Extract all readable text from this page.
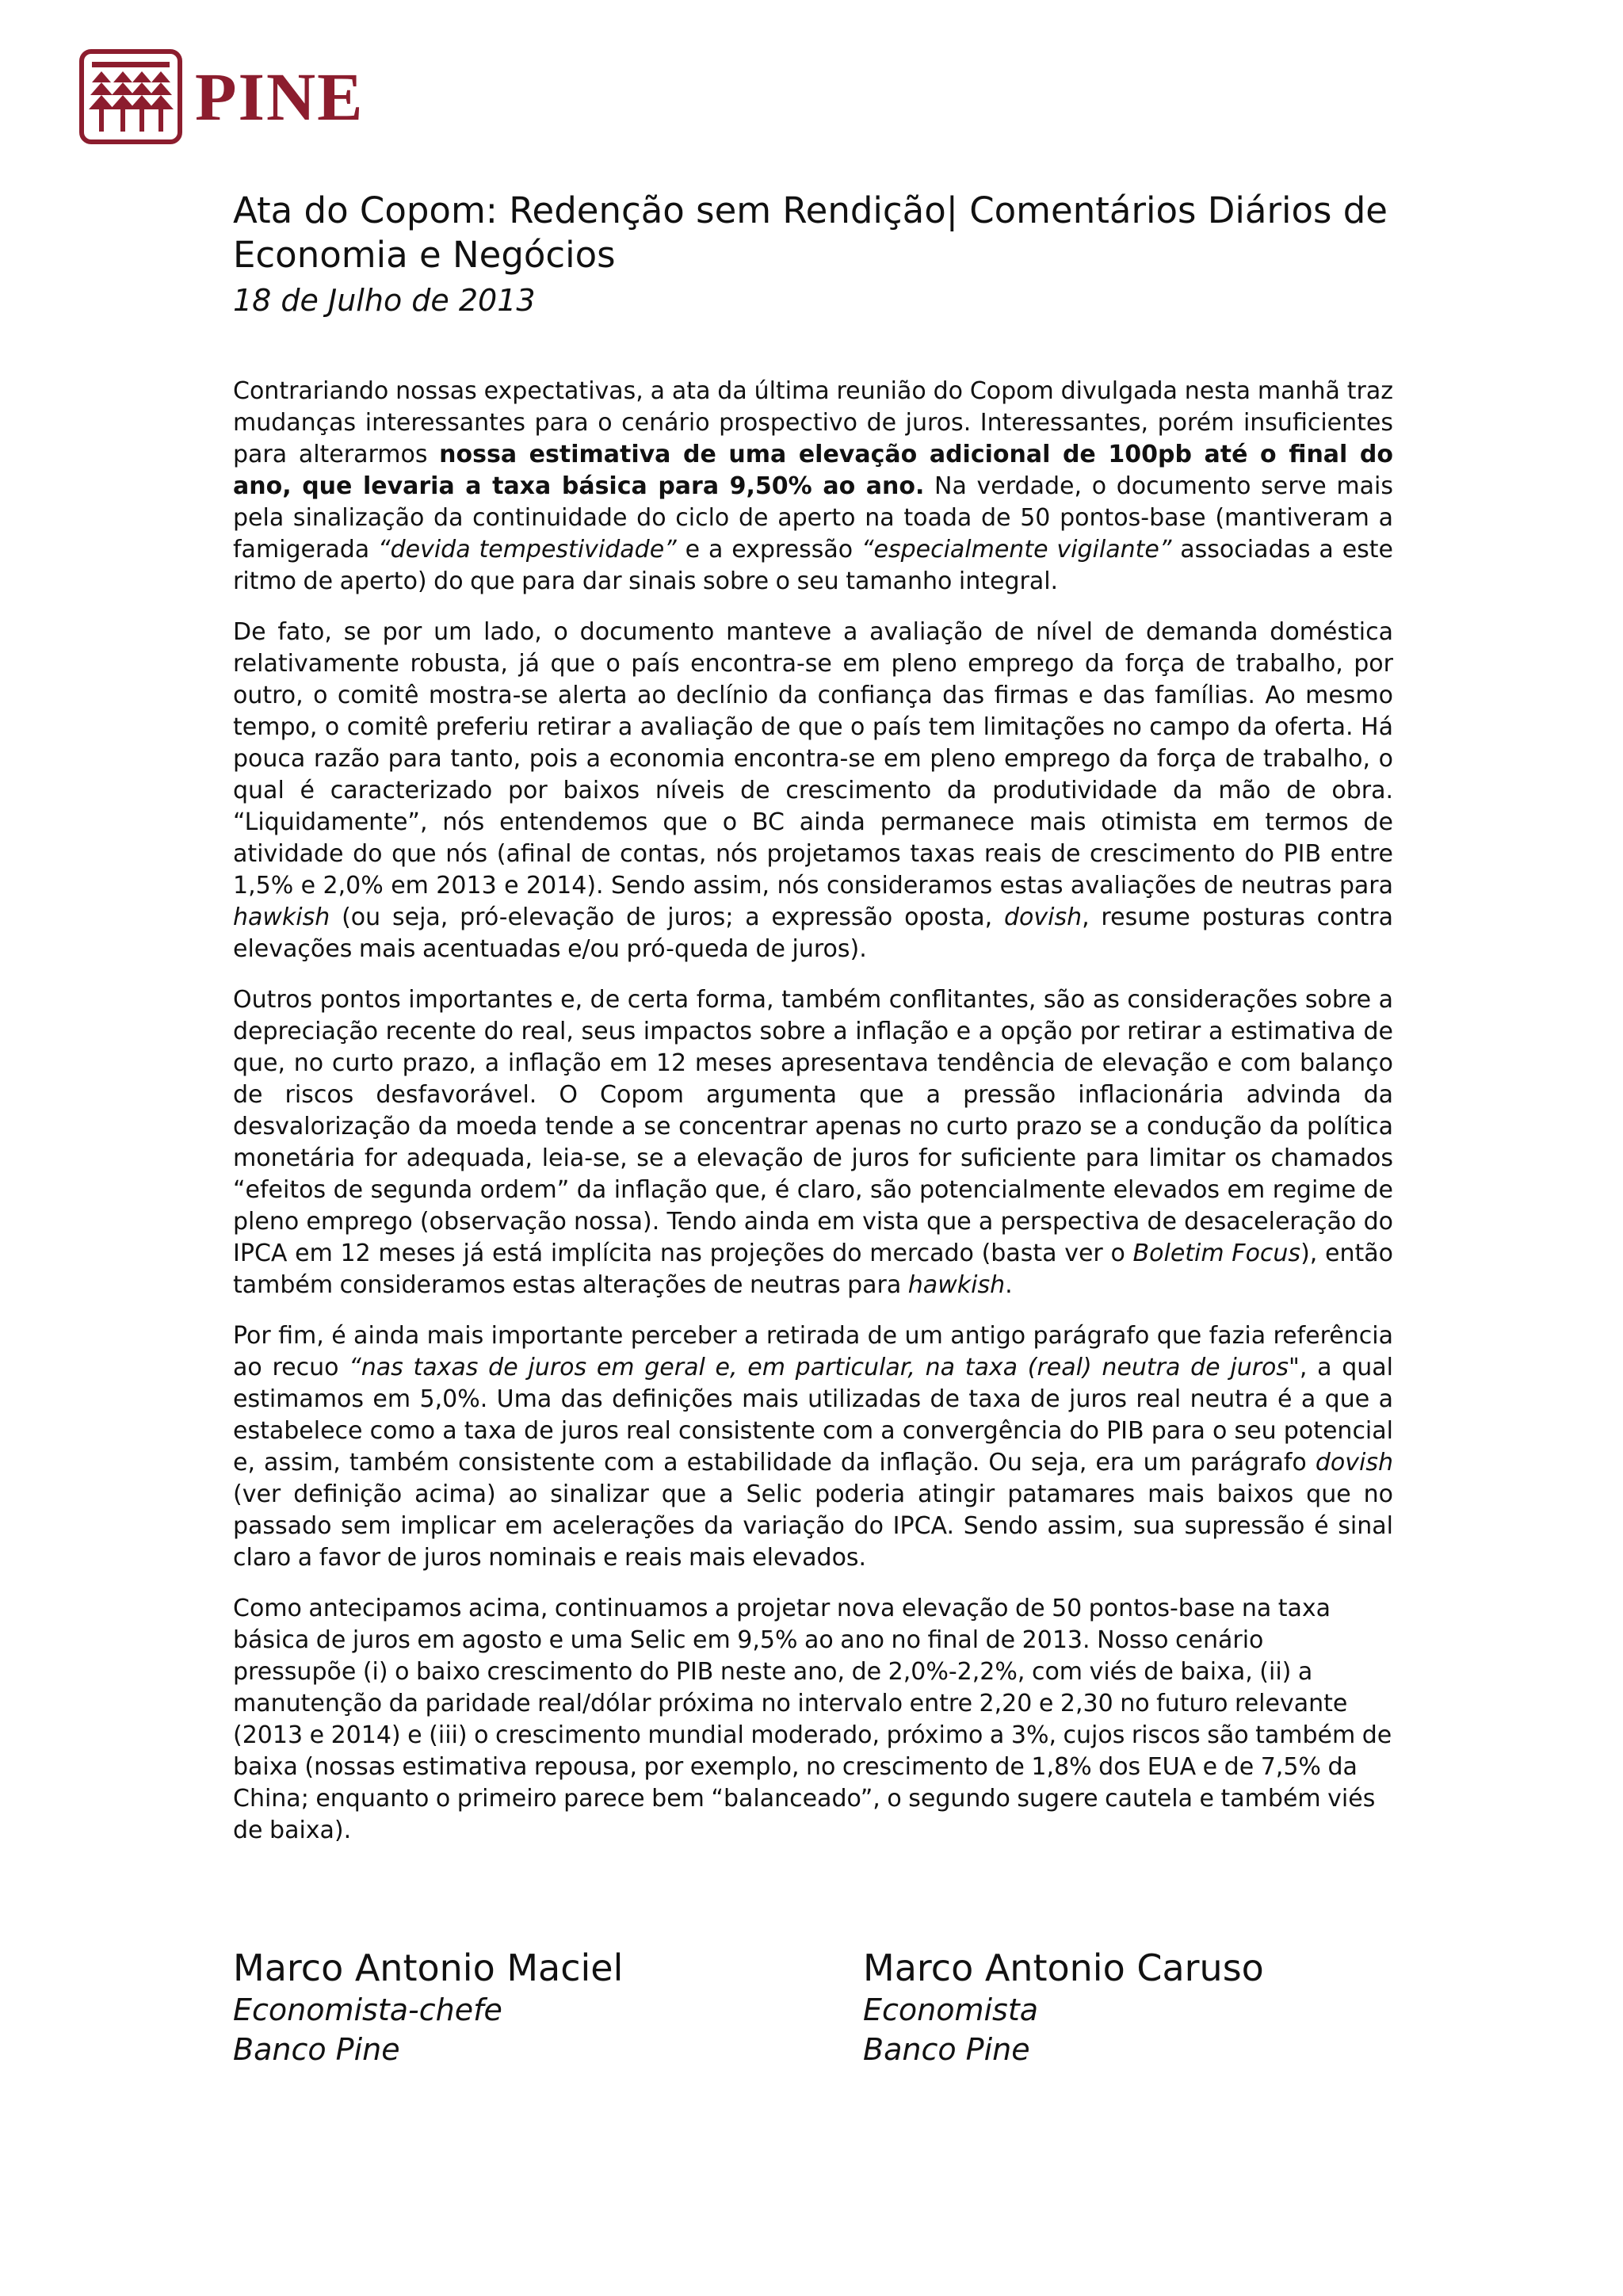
PINE
Ata do Copom: Redenção sem Rendição| Comentários Diários de Economia e Negócios
18 de Julho de 2013

Contrariando nossas expectativas, a ata da última reunião do Copom divulgada nesta manhã traz mudanças interessantes para o cenário prospectivo de juros. Interessantes, porém insuficientes para alterarmos nossa estimativa de uma elevação adicional de 100pb até o final do ano, que levaria a taxa básica para 9,50% ao ano. Na verdade, o documento serve mais pela sinalização da continuidade do ciclo de aperto na toada de 50 pontos-base (mantiveram a famigerada “devida tempestividade” e a expressão “especialmente vigilante” associadas a este ritmo de aperto) do que para dar sinais sobre o seu tamanho integral.

De fato, se por um lado, o documento manteve a avaliação de nível de demanda doméstica relativamente robusta, já que o país encontra-se em pleno emprego da força de trabalho, por outro, o comitê mostra-se alerta ao declínio da confiança das firmas e das famílias. Ao mesmo tempo, o comitê preferiu retirar a avaliação de que o país tem limitações no campo da oferta. Há pouca razão para tanto, pois a economia encontra-se em pleno emprego da força de trabalho, o qual é caracterizado por baixos níveis de crescimento da produtividade da mão de obra. “Liquidamente”, nós entendemos que o BC ainda permanece mais otimista em termos de atividade do que nós (afinal de contas, nós projetamos taxas reais de crescimento do PIB entre 1,5% e 2,0% em 2013 e 2014). Sendo assim, nós consideramos estas avaliações de neutras para hawkish (ou seja, pró-elevação de juros; a expressão oposta, dovish, resume posturas contra elevações mais acentuadas e/ou pró-queda de juros).

Outros pontos importantes e, de certa forma, também conflitantes, são as considerações sobre a depreciação recente do real, seus impactos sobre a inflação e a opção por retirar a estimativa de que, no curto prazo, a inflação em 12 meses apresentava tendência de elevação e com balanço de riscos desfavorável. O Copom argumenta que a pressão inflacionária advinda da desvalorização da moeda tende a se concentrar apenas no curto prazo se a condução da política monetária for adequada, leia-se, se a elevação de juros for suficiente para limitar os chamados “efeitos de segunda ordem” da inflação que, é claro, são potencialmente elevados em regime de pleno emprego (observação nossa). Tendo ainda em vista que a perspectiva de desaceleração do IPCA em 12 meses já está implícita nas projeções do mercado (basta ver o Boletim Focus), então também consideramos estas alterações de neutras para hawkish.

Por fim, é ainda mais importante perceber a retirada de um antigo parágrafo que fazia referência ao recuo “nas taxas de juros em geral e, em particular, na taxa (real) neutra de juros", a qual estimamos em 5,0%. Uma das definições mais utilizadas de taxa de juros real neutra é a que a estabelece como a taxa de juros real consistente com a convergência do PIB para o seu potencial e, assim, também consistente com a estabilidade da inflação. Ou seja, era um parágrafo dovish (ver definição acima) ao sinalizar que a Selic poderia atingir patamares mais baixos que no passado sem implicar em acelerações da variação do IPCA. Sendo assim, sua supressão é sinal claro a favor de juros nominais e reais mais elevados.

Como antecipamos acima, continuamos a projetar nova elevação de 50 pontos-base na taxa básica de juros em agosto e uma Selic em 9,5% ao ano no final de 2013. Nosso cenário pressupõe (i) o baixo crescimento do PIB neste ano, de 2,0%-2,2%, com viés de baixa, (ii) a manutenção da paridade real/dólar próxima no intervalo entre 2,20 e 2,30 no futuro relevante (2013 e 2014) e (iii) o crescimento mundial moderado, próximo a 3%, cujos riscos são também de baixa (nossas estimativa repousa, por exemplo, no crescimento de 1,8% dos EUA e de 7,5% da China; enquanto o primeiro parece bem “balanceado”, o segundo sugere cautela e também viés de baixa).

Marco Antonio Maciel
Economista-chefe
Banco Pine
Marco Antonio Caruso
Economista
Banco Pine
